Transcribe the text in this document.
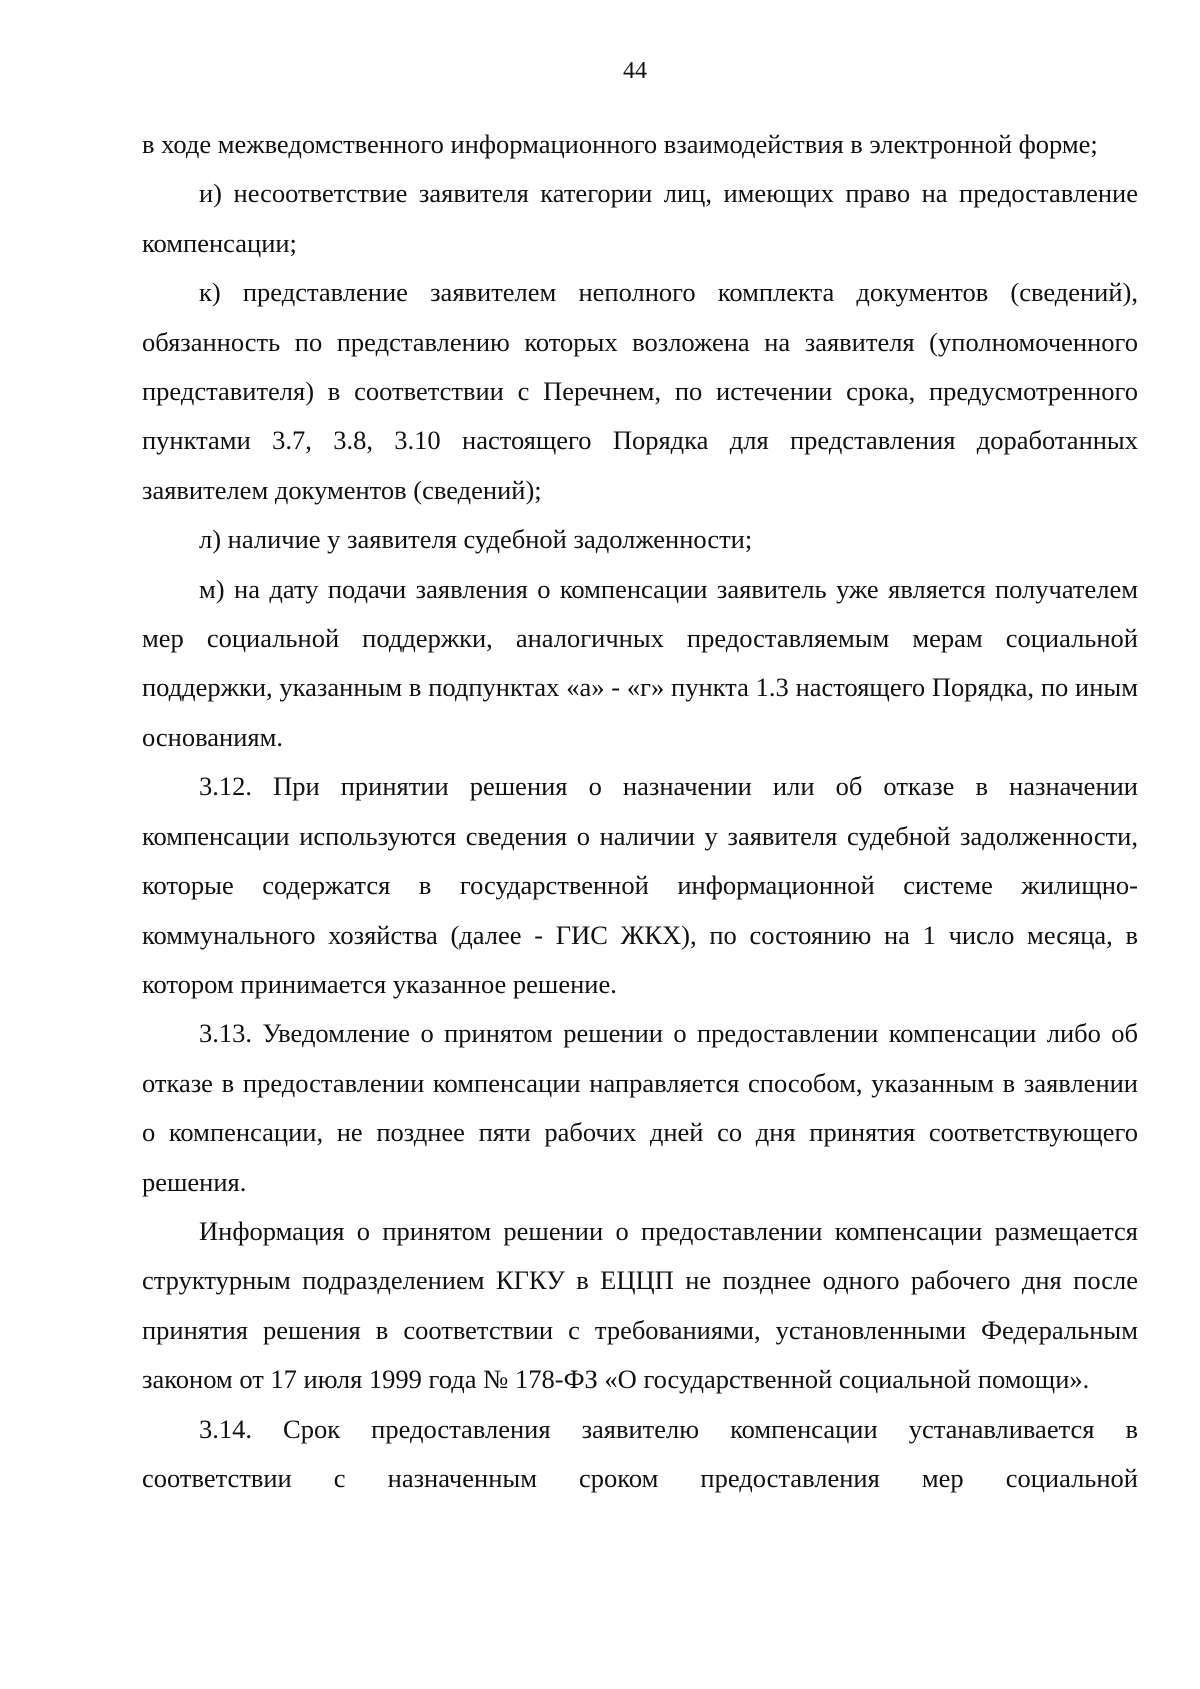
44

в ходе межведомственного информационного взаимодействия в электронной форме;

и) несоответствие заявителя категории лиц, имеющих право на предоставление компенсации;

к) представление заявителем неполного комплекта документов (сведений), обязанность по представлению которых возложена на заявителя (уполномоченного представителя) в соответствии с Перечнем, по истечении срока, предусмотренного пунктами 3.7, 3.8, 3.10 настоящего Порядка для представления доработанных заявителем документов (сведений);

л) наличие у заявителя судебной задолженности;

м) на дату подачи заявления о компенсации заявитель уже является получателем мер социальной поддержки, аналогичных предоставляемым мерам социальной поддержки, указанным в подпунктах «а» - «г» пункта 1.3 настоящего Порядка, по иным основаниям.

3.12. При принятии решения о назначении или об отказе в назначении компенсации используются сведения о наличии у заявителя судебной задолженности, которые содержатся в государственной информационной системе жилищно-коммунального хозяйства (далее - ГИС ЖКХ), по состоянию на 1 число месяца, в котором принимается указанное решение.

3.13. Уведомление о принятом решении о предоставлении компенсации либо об отказе в предоставлении компенсации направляется способом, указанным в заявлении о компенсации, не позднее пяти рабочих дней со дня принятия соответствующего решения.

Информация о принятом решении о предоставлении компенсации размещается структурным подразделением КГКУ в ЕЦЦП не позднее одного рабочего дня после принятия решения в соответствии с требованиями, установленными Федеральным законом от 17 июля 1999 года № 178-ФЗ «О государственной социальной помощи».

3.14. Срок предоставления заявителю компенсации устанавливается в соответствии с назначенным сроком предоставления мер социальной
